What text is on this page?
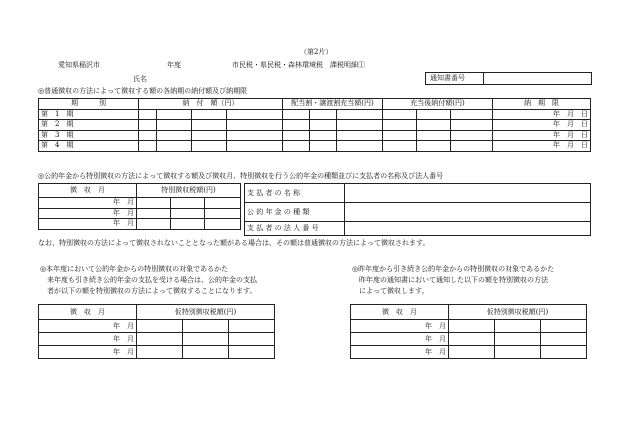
（第2片）
愛知県稲沢市	年度	市民税・県民税・森林環境税　課税明細①
氏名	通知書番号
◎普通徴収の方法によって徴収する額の各納期の納付額及び納期限
期　　　別	納　付　額（円）				配当割・譲渡割充当額(円)			充当後納付額(円)			納　期　限
第　1　期											年　月　日
第　2　期											年　月　日
第　3　期											年　月　日
第　4　期											年　月　日
◎公的年金から特別徴収の方法によって徴収する額及び徴収月、特別徴収を行う公的年金の種類並びに支払者の名称及び法人番号
徴　収　月	特別徴収税額(円)		
年　月			
年　月			
年　月			
支 払 者 の 名 称	
公 的 年 金 の 種 類	
支 払 者 の 法 人 番 号	
なお、特別徴収の方法によって徴収されないこととなった額がある場合は、その額は普通徴収の方法によって徴収されます。
◎本年度において公的年金からの特別徴収の対象であるかた
　来年度も引き続き公的年金の支払を受ける場合は、公的年金の支払
　者が以下の額を特別徴収の方法によって徴収することになります。
徴　収　月	仮特別徴収税額(円)		
年　月			
年　月			
年　月			
◎昨年度から引き続き公的年金からの特別徴収の対象であるかた
　昨年度の通知書において通知した以下の額を特別徴収の方法
　によって徴収します。
徴　収　月	仮特別徴収税額(円)		
年　月			
年　月			
年　月			
